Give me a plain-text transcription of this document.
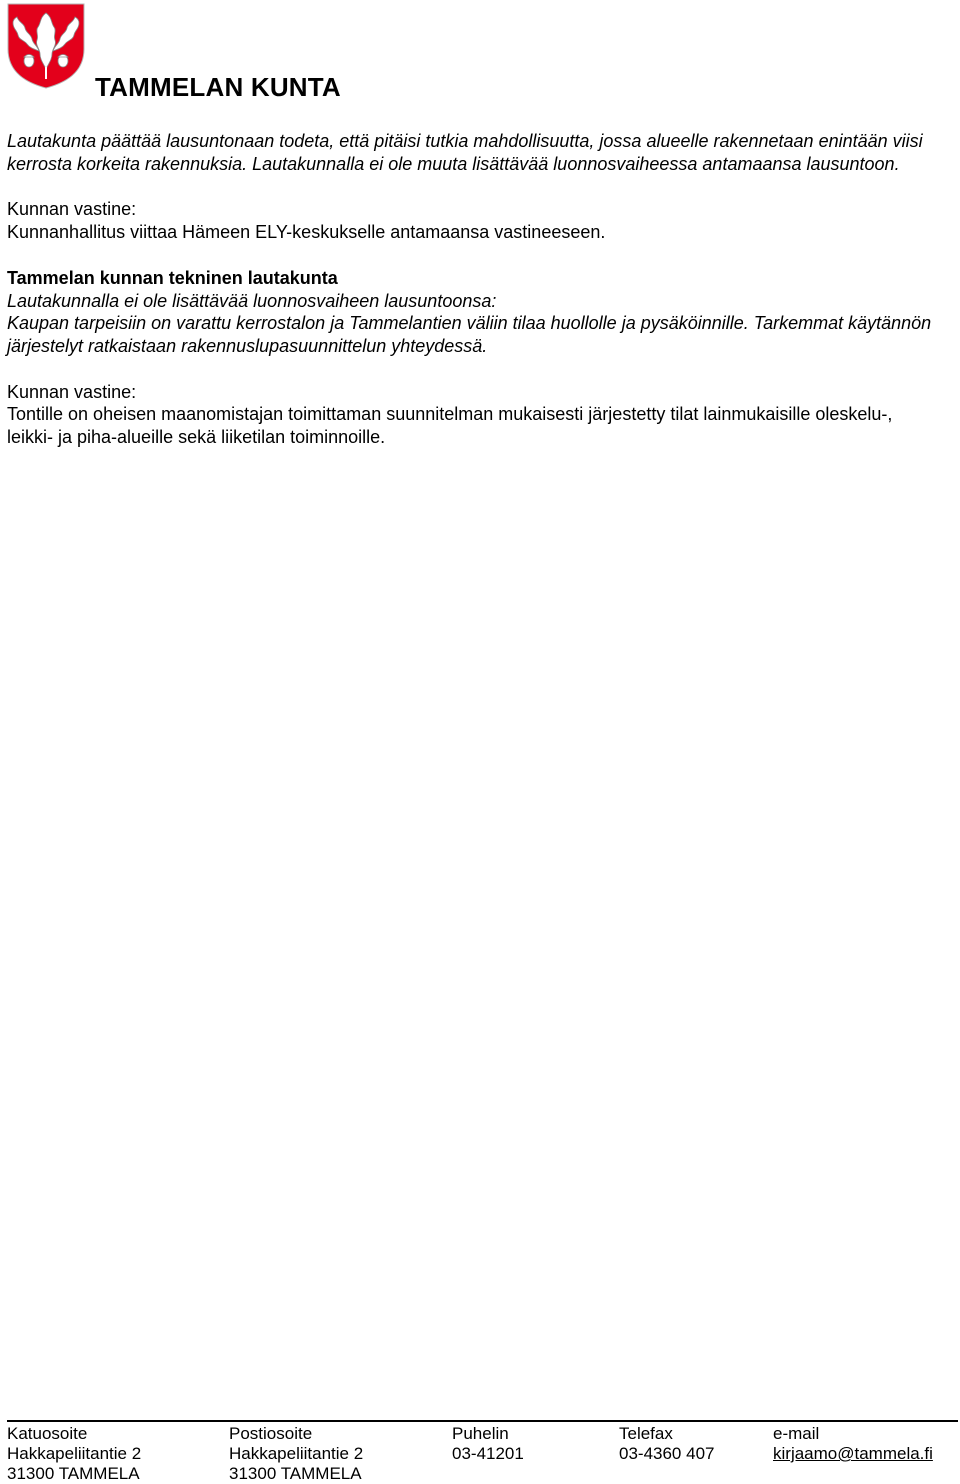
TAMMELAN KUNTA

Lautakunta päättää lausuntonaan todeta, että pitäisi tutkia mahdollisuutta, jossa alueelle rakennetaan enintään viisi kerrosta korkeita rakennuksia. Lautakunnalla ei ole muuta lisättävää luonnosvaiheessa antamaansa lausuntoon.

Kunnan vastine:

Kunnanhallitus viittaa Hämeen ELY-keskukselle antamaansa vastineeseen.

Tammelan kunnan tekninen lautakunta

Lautakunnalla ei ole lisättävää luonnosvaiheen lausuntoonsa:

Kaupan tarpeisiin on varattu kerrostalon ja Tammelantien väliin tilaa huollolle ja pysäköinnille. Tarkemmat käytännön järjestelyt ratkaistaan rakennuslupasuunnittelun yhteydessä.

Kunnan vastine:

Tontille on oheisen maanomistajan toimittaman suunnitelman mukaisesti järjestetty tilat lainmukaisille oleskelu-, leikki- ja piha-alueille sekä liiketilan toiminnoille.

Katuosoite
Hakkapeliitantie 2
31300 TAMMELA
Postiosoite
Hakkapeliitantie 2
31300 TAMMELA
Puhelin
03-41201
Telefax
03-4360 407
e-mail
kirjaamo@tammela.fi
